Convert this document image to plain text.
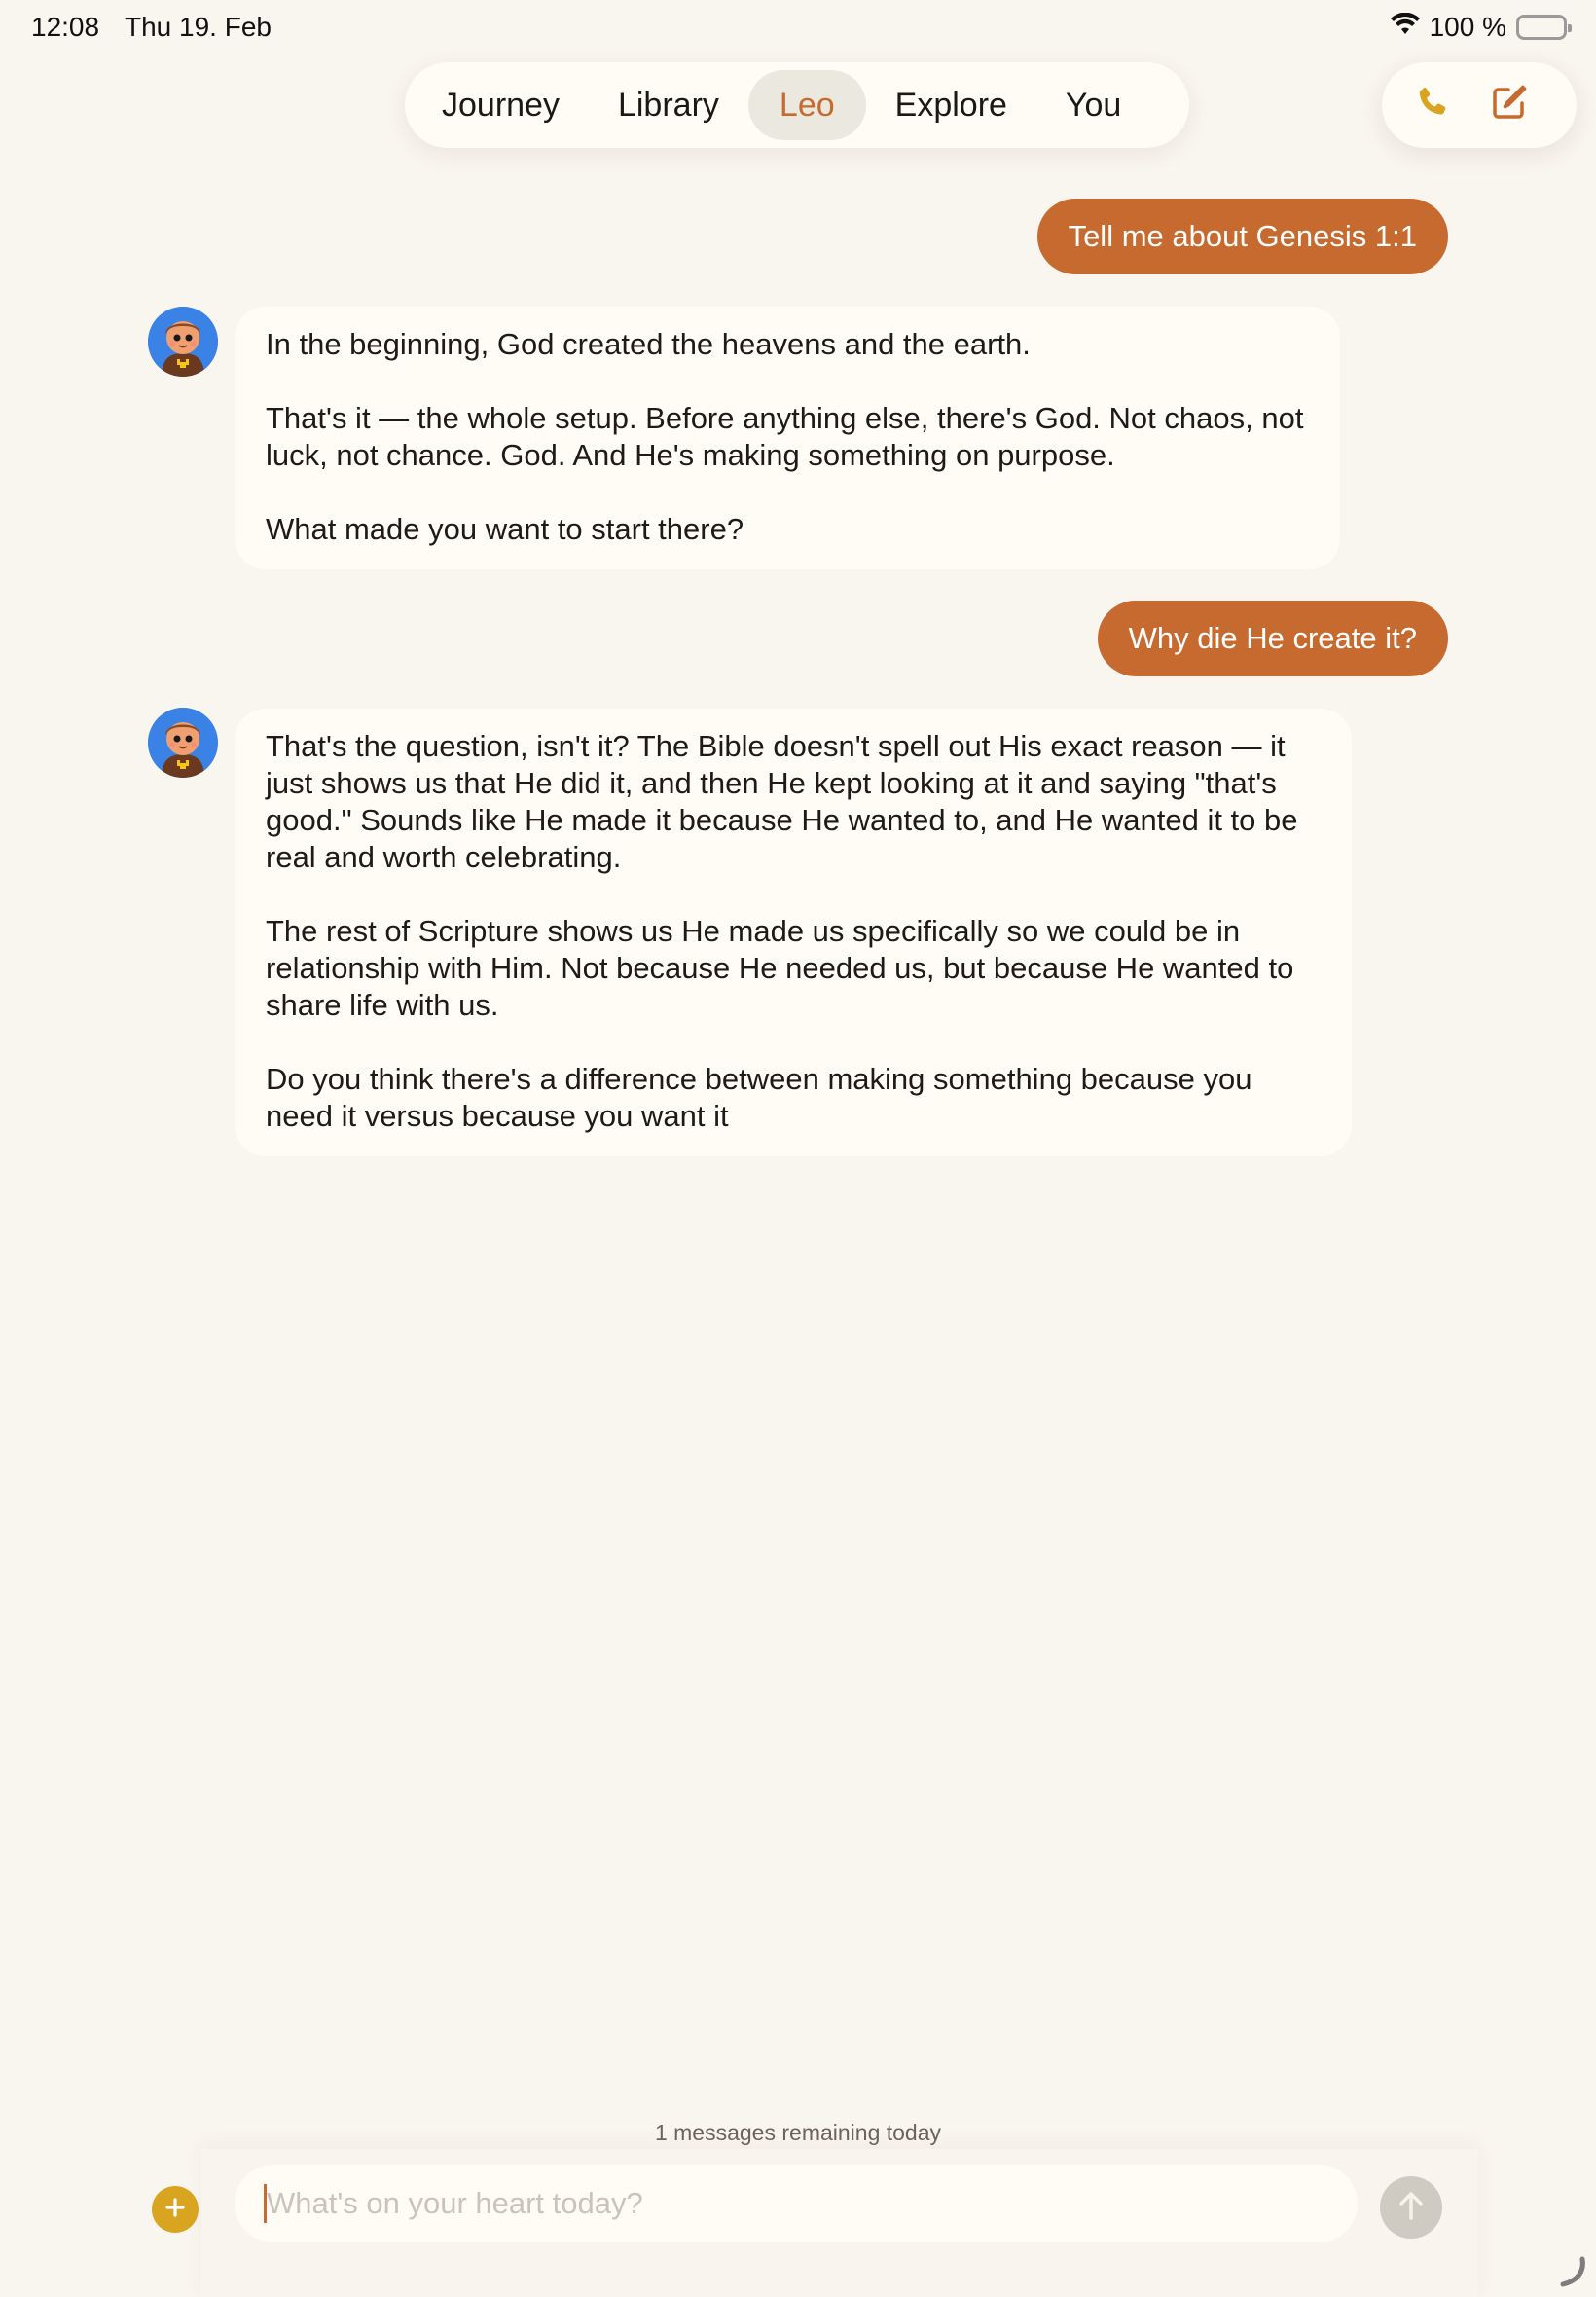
12:08 Thu 19. Feb	100 %
Journey	Library	Leo	Explore	You
Tell me about Genesis 1:1

In the beginning, God created the heavens and the earth.

That's it — the whole setup. Before anything else, there's God. Not chaos, not luck, not chance. God. And He's making something on purpose.

What made you want to start there?

Why die He create it?

That's the question, isn't it? The Bible doesn't spell out His exact reason — it just shows us that He did it, and then He kept looking at it and saying "that's good." Sounds like He made it because He wanted to, and He wanted it to be real and worth celebrating.

The rest of Scripture shows us He made us specifically so we could be in relationship with Him. Not because He needed us, but because He wanted to share life with us.

Do you think there's a difference between making something because you need it versus because you want it

1 messages remaining today
What's on your heart today?
